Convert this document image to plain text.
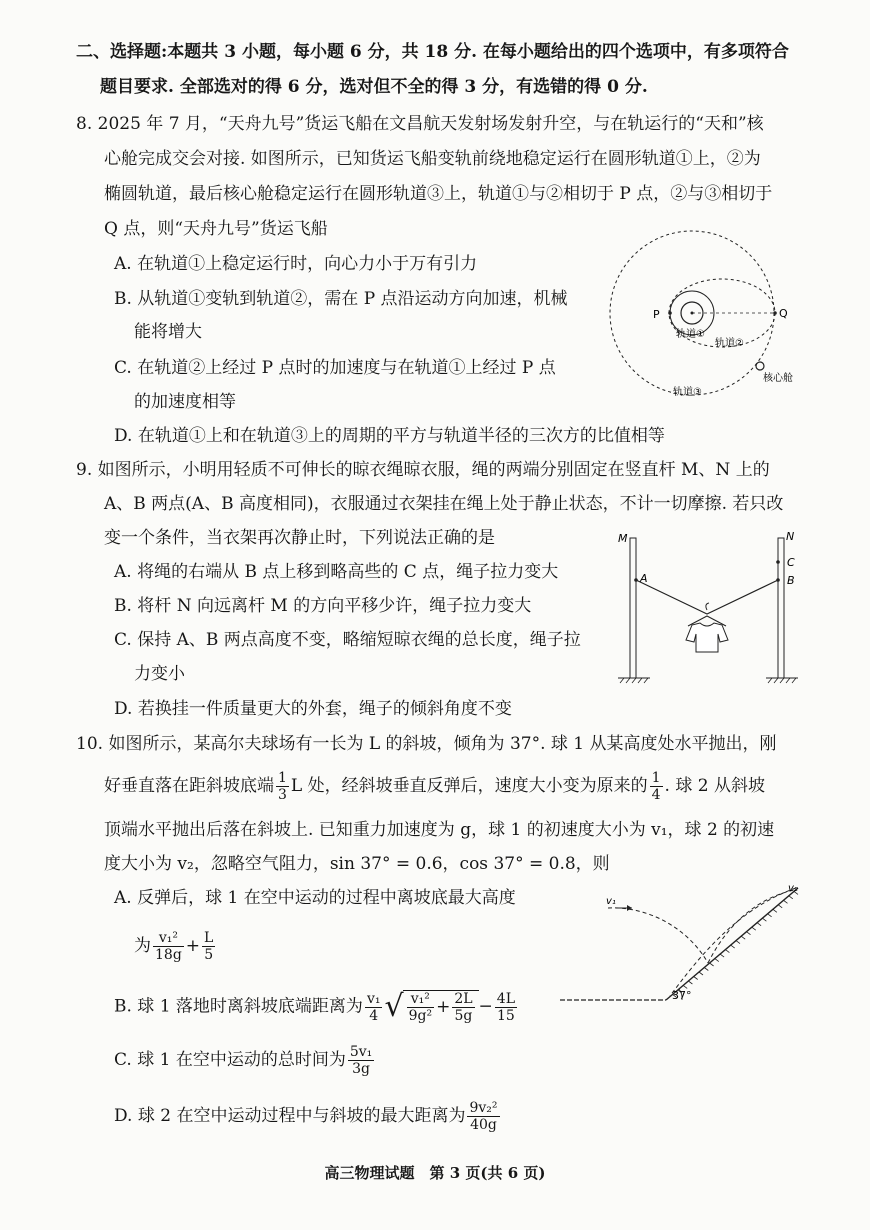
二、选择题:本题共 3 小题，每小题 6 分，共 18 分. 在每小题给出的四个选项中，有多项符合
题目要求. 全部选对的得 6 分，选对但不全的得 3 分，有选错的得 0 分.
8. 2025 年 7 月，“天舟九号”货运飞船在文昌航天发射场发射升空，与在轨运行的“天和”核
心舱完成交会对接. 如图所示，已知货运飞船变轨前绕地稳定运行在圆形轨道①上，②为
椭圆轨道，最后核心舱稳定运行在圆形轨道③上，轨道①与②相切于 P 点，②与③相切于
Q 点，则“天舟九号”货运飞船
A. 在轨道①上稳定运行时，向心力小于万有引力
B. 从轨道①变轨到轨道②，需在 P 点沿运动方向加速，机械
能将增大
C. 在轨道②上经过 P 点时的加速度与在轨道①上经过 P 点
的加速度相等
D. 在轨道①上和在轨道③上的周期的平方与轨道半径的三次方的比值相等
P	Q
轨道①
轨道②
轨道③
核心舱
9. 如图所示，小明用轻质不可伸长的晾衣绳晾衣服，绳的两端分别固定在竖直杆 M、N 上的
A、B 两点(A、B 高度相同)，衣服通过衣架挂在绳上处于静止状态，不计一切摩擦. 若只改
变一个条件，当衣架再次静止时，下列说法正确的是
A. 将绳的右端从 B 点上移到略高些的 C 点，绳子拉力变大
B. 将杆 N 向远离杆 M 的方向平移少许，绳子拉力变大
C. 保持 A、B 两点高度不变，略缩短晾衣绳的总长度，绳子拉
力变小
D. 若换挂一件质量更大的外套，绳子的倾斜角度不变
M	N
A	B
C
10. 如图所示，某高尔夫球场有一长为 L 的斜坡，倾角为 37°. 球 1 从某高度处水平抛出，刚
好垂直落在距斜坡底端 $\frac{1}{3}$ L 处，经斜坡垂直反弹后，速度大小变为原来的 $\frac{1}{4}$ . 球 2 从斜坡
顶端水平抛出后落在斜坡上. 已知重力加速度为 g，球 1 的初速度大小为 v₁，球 2 的初速
度大小为 v₂，忽略空气阻力，sin 37° = 0.6，cos 37° = 0.8，则
A. 反弹后，球 1 在空中运动的过程中离坡底最大高度
为 $\frac{\text{v₁²}}{18g} + \frac{L}{5}$
B. 球 1 落地时离斜坡底端距离为 $\frac{\text{v₁}}{4}$ √ $\frac{\text{v₁²}}{\text{9g²}} + \frac{2L}{5g} - \frac{4L}{15}$
C. 球 1 在空中运动的总时间为 $\frac{\text{5v₁}}{3g}$
D. 球 2 在空中运动过程中与斜坡的最大距离为 $\frac{\text{9v₂²}}{40g}$
37°
v₁
v₂
高三物理试题　第 3 页(共 6 页)
